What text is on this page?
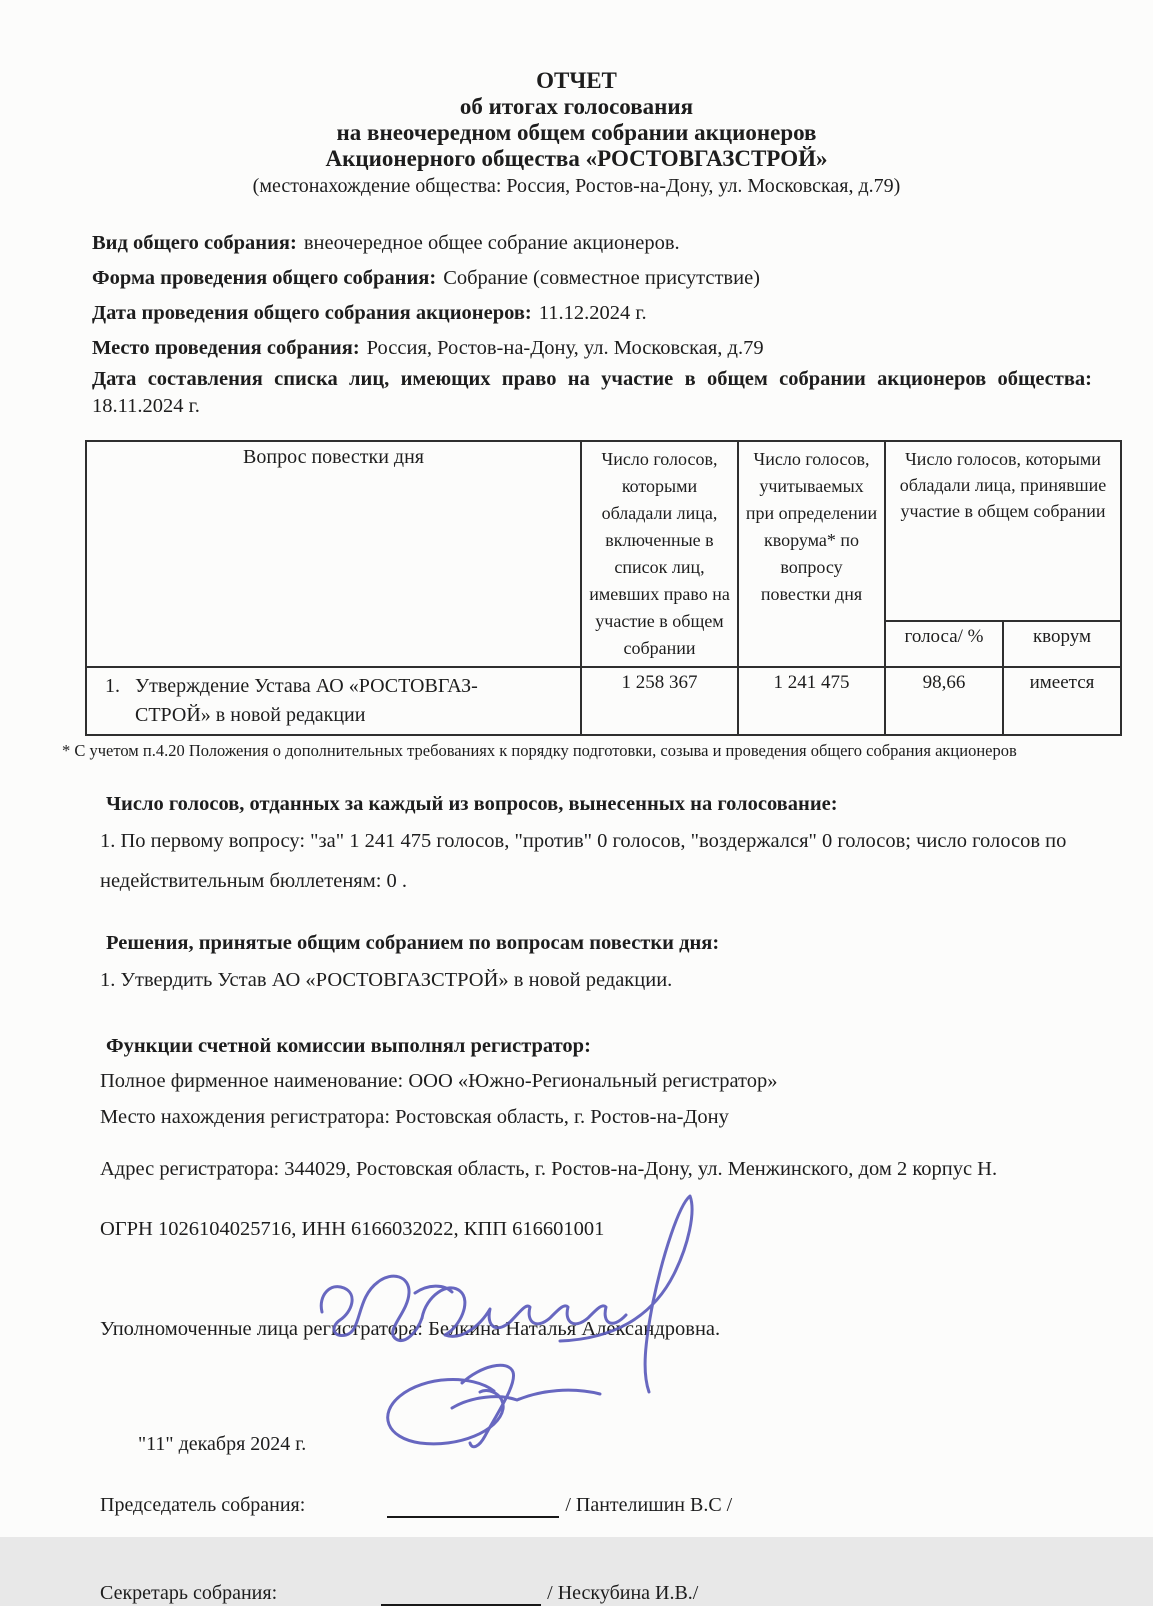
ОТЧЕТ
об итогах голосования
на внеочередном общем собрании акционеров
Акционерного общества «РОСТОВГАЗСТРОЙ»
(местонахождение общества: Россия, Ростов-на-Дону, ул. Московская, д.79)
Вид общего собрания: внеочередное общее собрание акционеров.
Форма проведения общего собрания: Собрание (совместное присутствие)
Дата проведения общего собрания акционеров: 11.12.2024 г.
Место проведения собрания: Россия, Ростов-на-Дону, ул. Московская, д.79
Дата составления списка лиц, имеющих право на участие в общем собрании акционеров общества: 18.11.2024 г.
Вопрос повестки дня	Число голосов, которыми обладали лица, включенные в список лиц, имевших право на участие в общем собрании	Число голосов, учитываемых при определении кворума* по вопросу повестки дня	Число голосов, которыми обладали лица, принявшие участие в общем собрании	
			голоса/ %	кворум

1. Утверждение Устава АО «РОСТОВГАЗ-СТРОЙ» в новой редакции	1 258 367	1 241 475	98,66	имеется
* С учетом п.4.20 Положения о дополнительных требованиях к порядку подготовки, созыва и проведения общего собрания акционеров
Число голосов, отданных за каждый из вопросов, вынесенных на голосование:
1. По первому вопросу: "за" 1 241 475 голосов, "против" 0 голосов, "воздержался" 0 голосов; число голосов по недействительным бюллетеням: 0 .
Решения, принятые общим собранием по вопросам повестки дня:
1. Утвердить Устав АО «РОСТОВГАЗСТРОЙ» в новой редакции.
Функции счетной комиссии выполнял регистратор:
Полное фирменное наименование: ООО «Южно-Региональный регистратор»
Место нахождения регистратора: Ростовская область, г. Ростов-на-Дону
Адрес регистратора: 344029, Ростовская область, г. Ростов-на-Дону, ул. Менжинского, дом 2 корпус Н.
ОГРН 1026104025716, ИНН 6166032022, КПП 616601001
Уполномоченные лица регистратора: Белкина Наталья Александровна.
"11" декабря 2024 г.
Председатель собрания:	/ Пантелишин В.С /
Секретарь собрания:	/ Нескубина И.В./
